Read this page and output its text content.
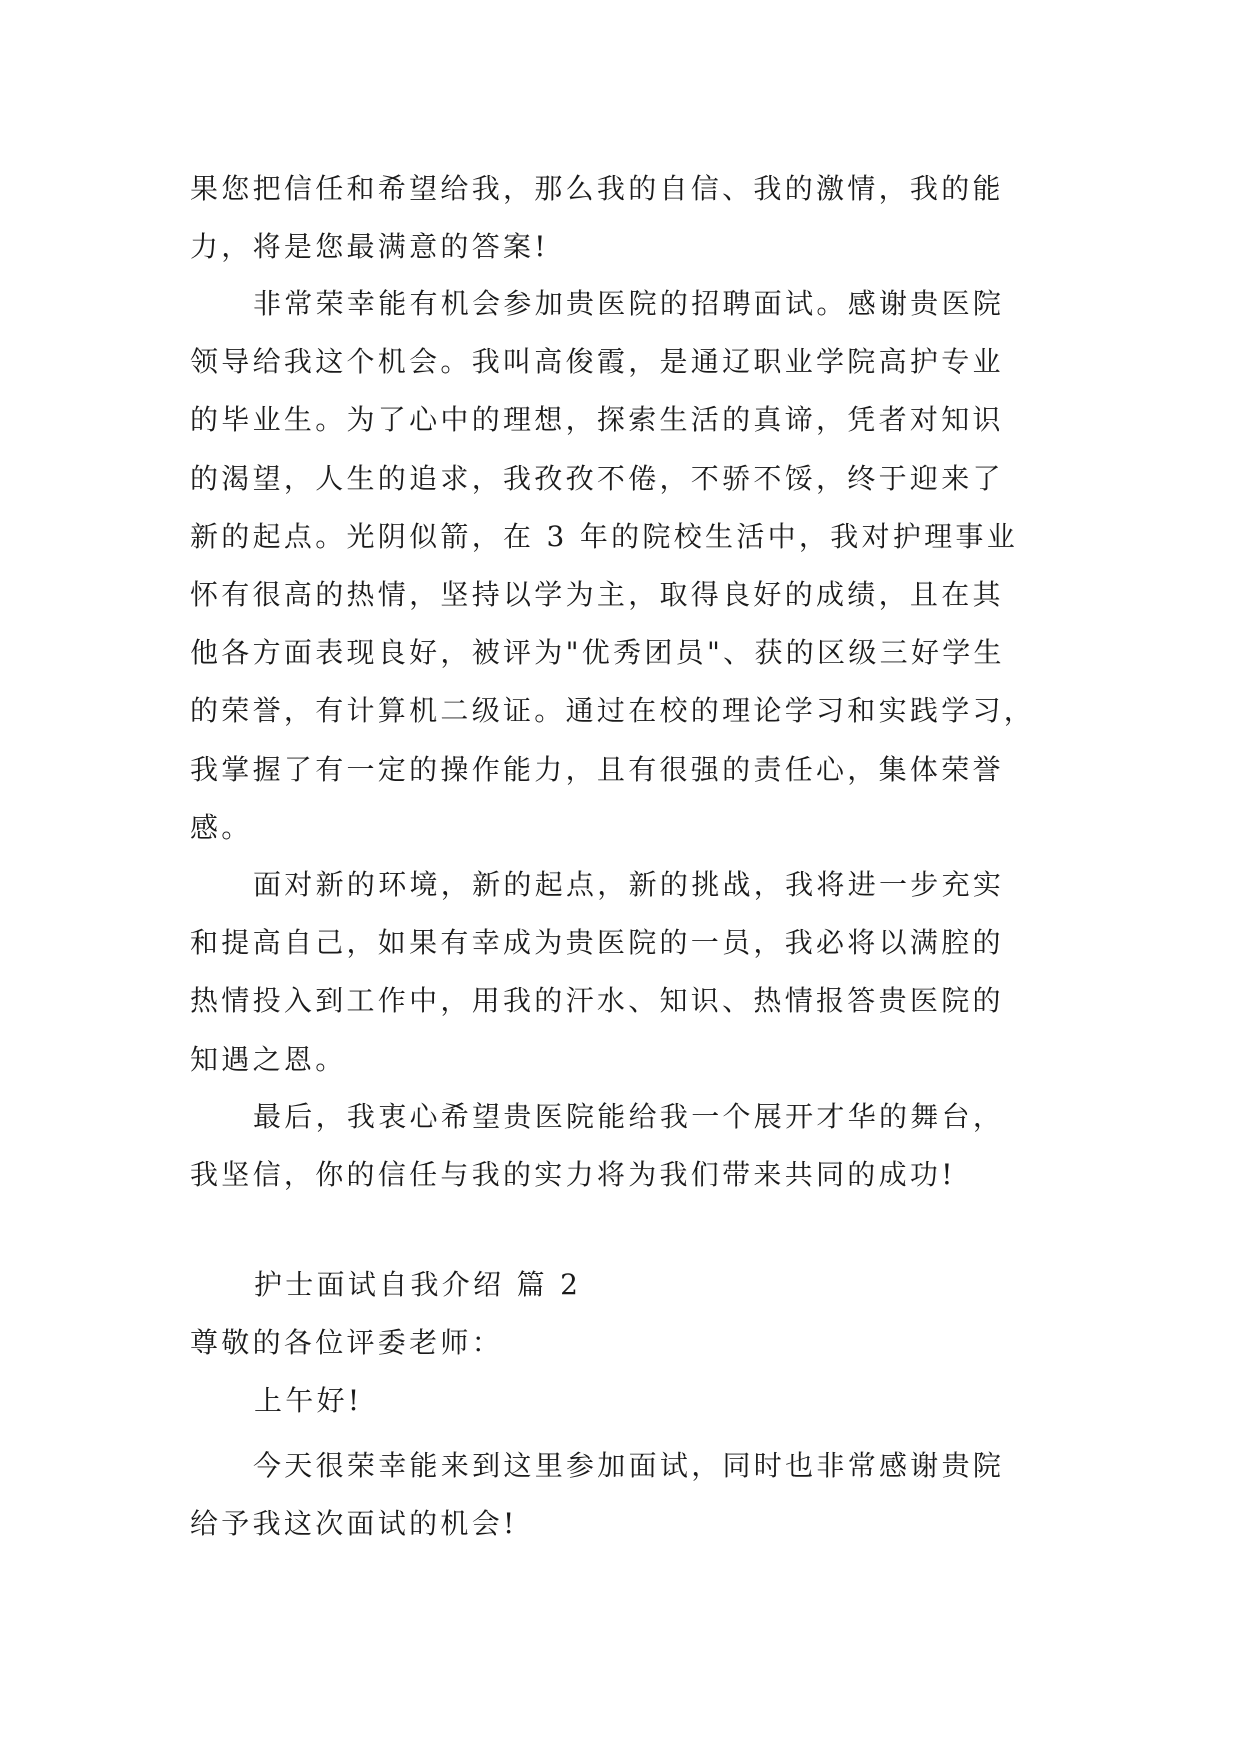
果您把信任和希望给我，那么我的自信、我的激情，我的能
力，将是您最满意的答案!

非常荣幸能有机会参加贵医院的招聘面试。感谢贵医院
领导给我这个机会。我叫高俊霞，是通辽职业学院高护专业
的毕业生。为了心中的理想，探索生活的真谛，凭者对知识
的渴望，人生的追求，我孜孜不倦，不骄不馁，终于迎来了
新的起点。光阴似箭，在 3 年的院校生活中，我对护理事业
怀有很高的热情，坚持以学为主，取得良好的成绩，且在其
他各方面表现良好，被评为"优秀团员"、获的区级三好学生
的荣誉，有计算机二级证。通过在校的理论学习和实践学习，
我掌握了有一定的操作能力，且有很强的责任心，集体荣誉
感。

面对新的环境，新的起点，新的挑战，我将进一步充实
和提高自己，如果有幸成为贵医院的一员，我必将以满腔的
热情投入到工作中，用我的汗水、知识、热情报答贵医院的
知遇之恩。

最后，我衷心希望贵医院能给我一个展开才华的舞台，
我坚信，你的信任与我的实力将为我们带来共同的成功!

护士面试自我介绍 篇 2

尊敬的各位评委老师：

上午好!

今天很荣幸能来到这里参加面试，同时也非常感谢贵院
给予我这次面试的机会!
